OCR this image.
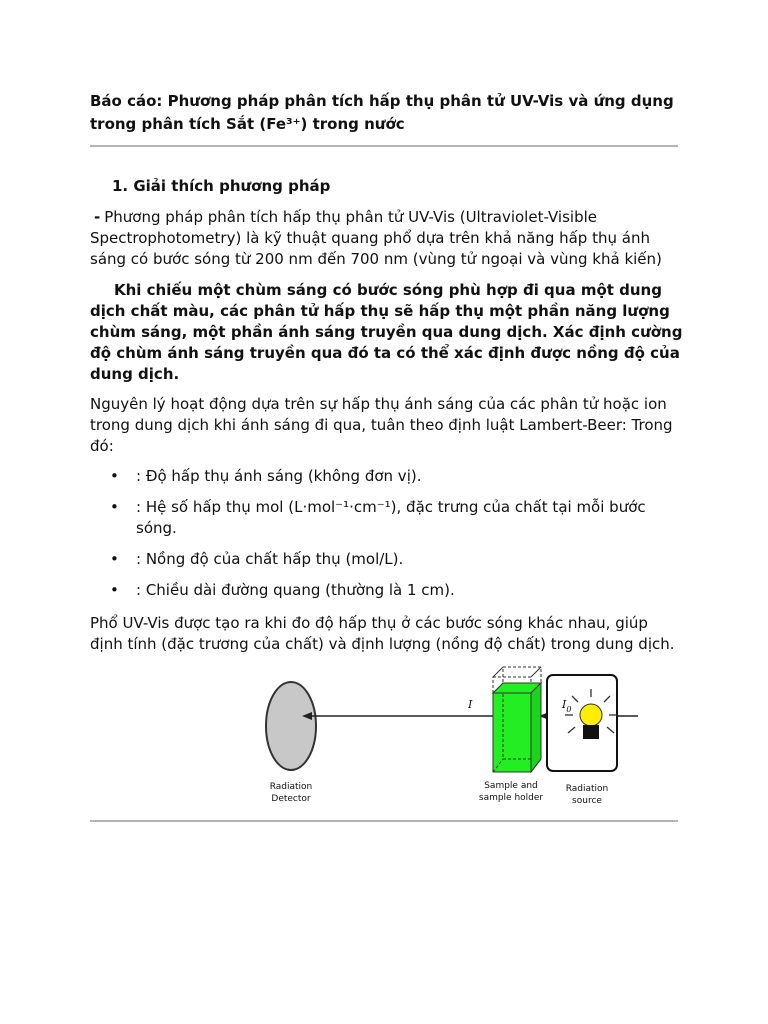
Báo cáo: Phương pháp phân tích hấp thụ phân tử UV-Vis và ứng dụng
trong phân tích Sắt (Fe³⁺) trong nước
1. Giải thích phương pháp

- Phương pháp phân tích hấp thụ phân tử UV-Vis (Ultraviolet-Visible Spectrophotometry) là kỹ thuật quang phổ dựa trên khả năng hấp thụ ánh sáng có bước sóng từ 200 nm đến 700 nm (vùng tử ngoại và vùng khả kiến)

Khi chiếu một chùm sáng có bước sóng phù hợp đi qua một dung dịch chất màu, các phân tử hấp thụ sẽ hấp thụ một phần năng lượng chùm sáng, một phần ánh sáng truyền qua dung dịch. Xác định cường độ chùm ánh sáng truyền qua đó ta có thể xác định được nồng độ của dung dịch.

Nguyên lý hoạt động dựa trên sự hấp thụ ánh sáng của các phân tử hoặc ion trong dung dịch khi ánh sáng đi qua, tuân theo định luật Lambert-Beer: Trong đó:

• : Độ hấp thụ ánh sáng (không đơn vị).
• : Hệ số hấp thụ mol (L·mol⁻¹·cm⁻¹), đặc trưng của chất tại mỗi bước sóng.
• : Nồng độ của chất hấp thụ (mol/L).
• : Chiều dài đường quang (thường là 1 cm).

Phổ UV-Vis được tạo ra khi đo độ hấp thụ ở các bước sóng khác nhau, giúp định tính (đặc trương của chất) và định lượng (nồng độ chất) trong dung dịch.

I	$I_0$
Radiation
Detector
Sample and
sample holder
Radiation
source
